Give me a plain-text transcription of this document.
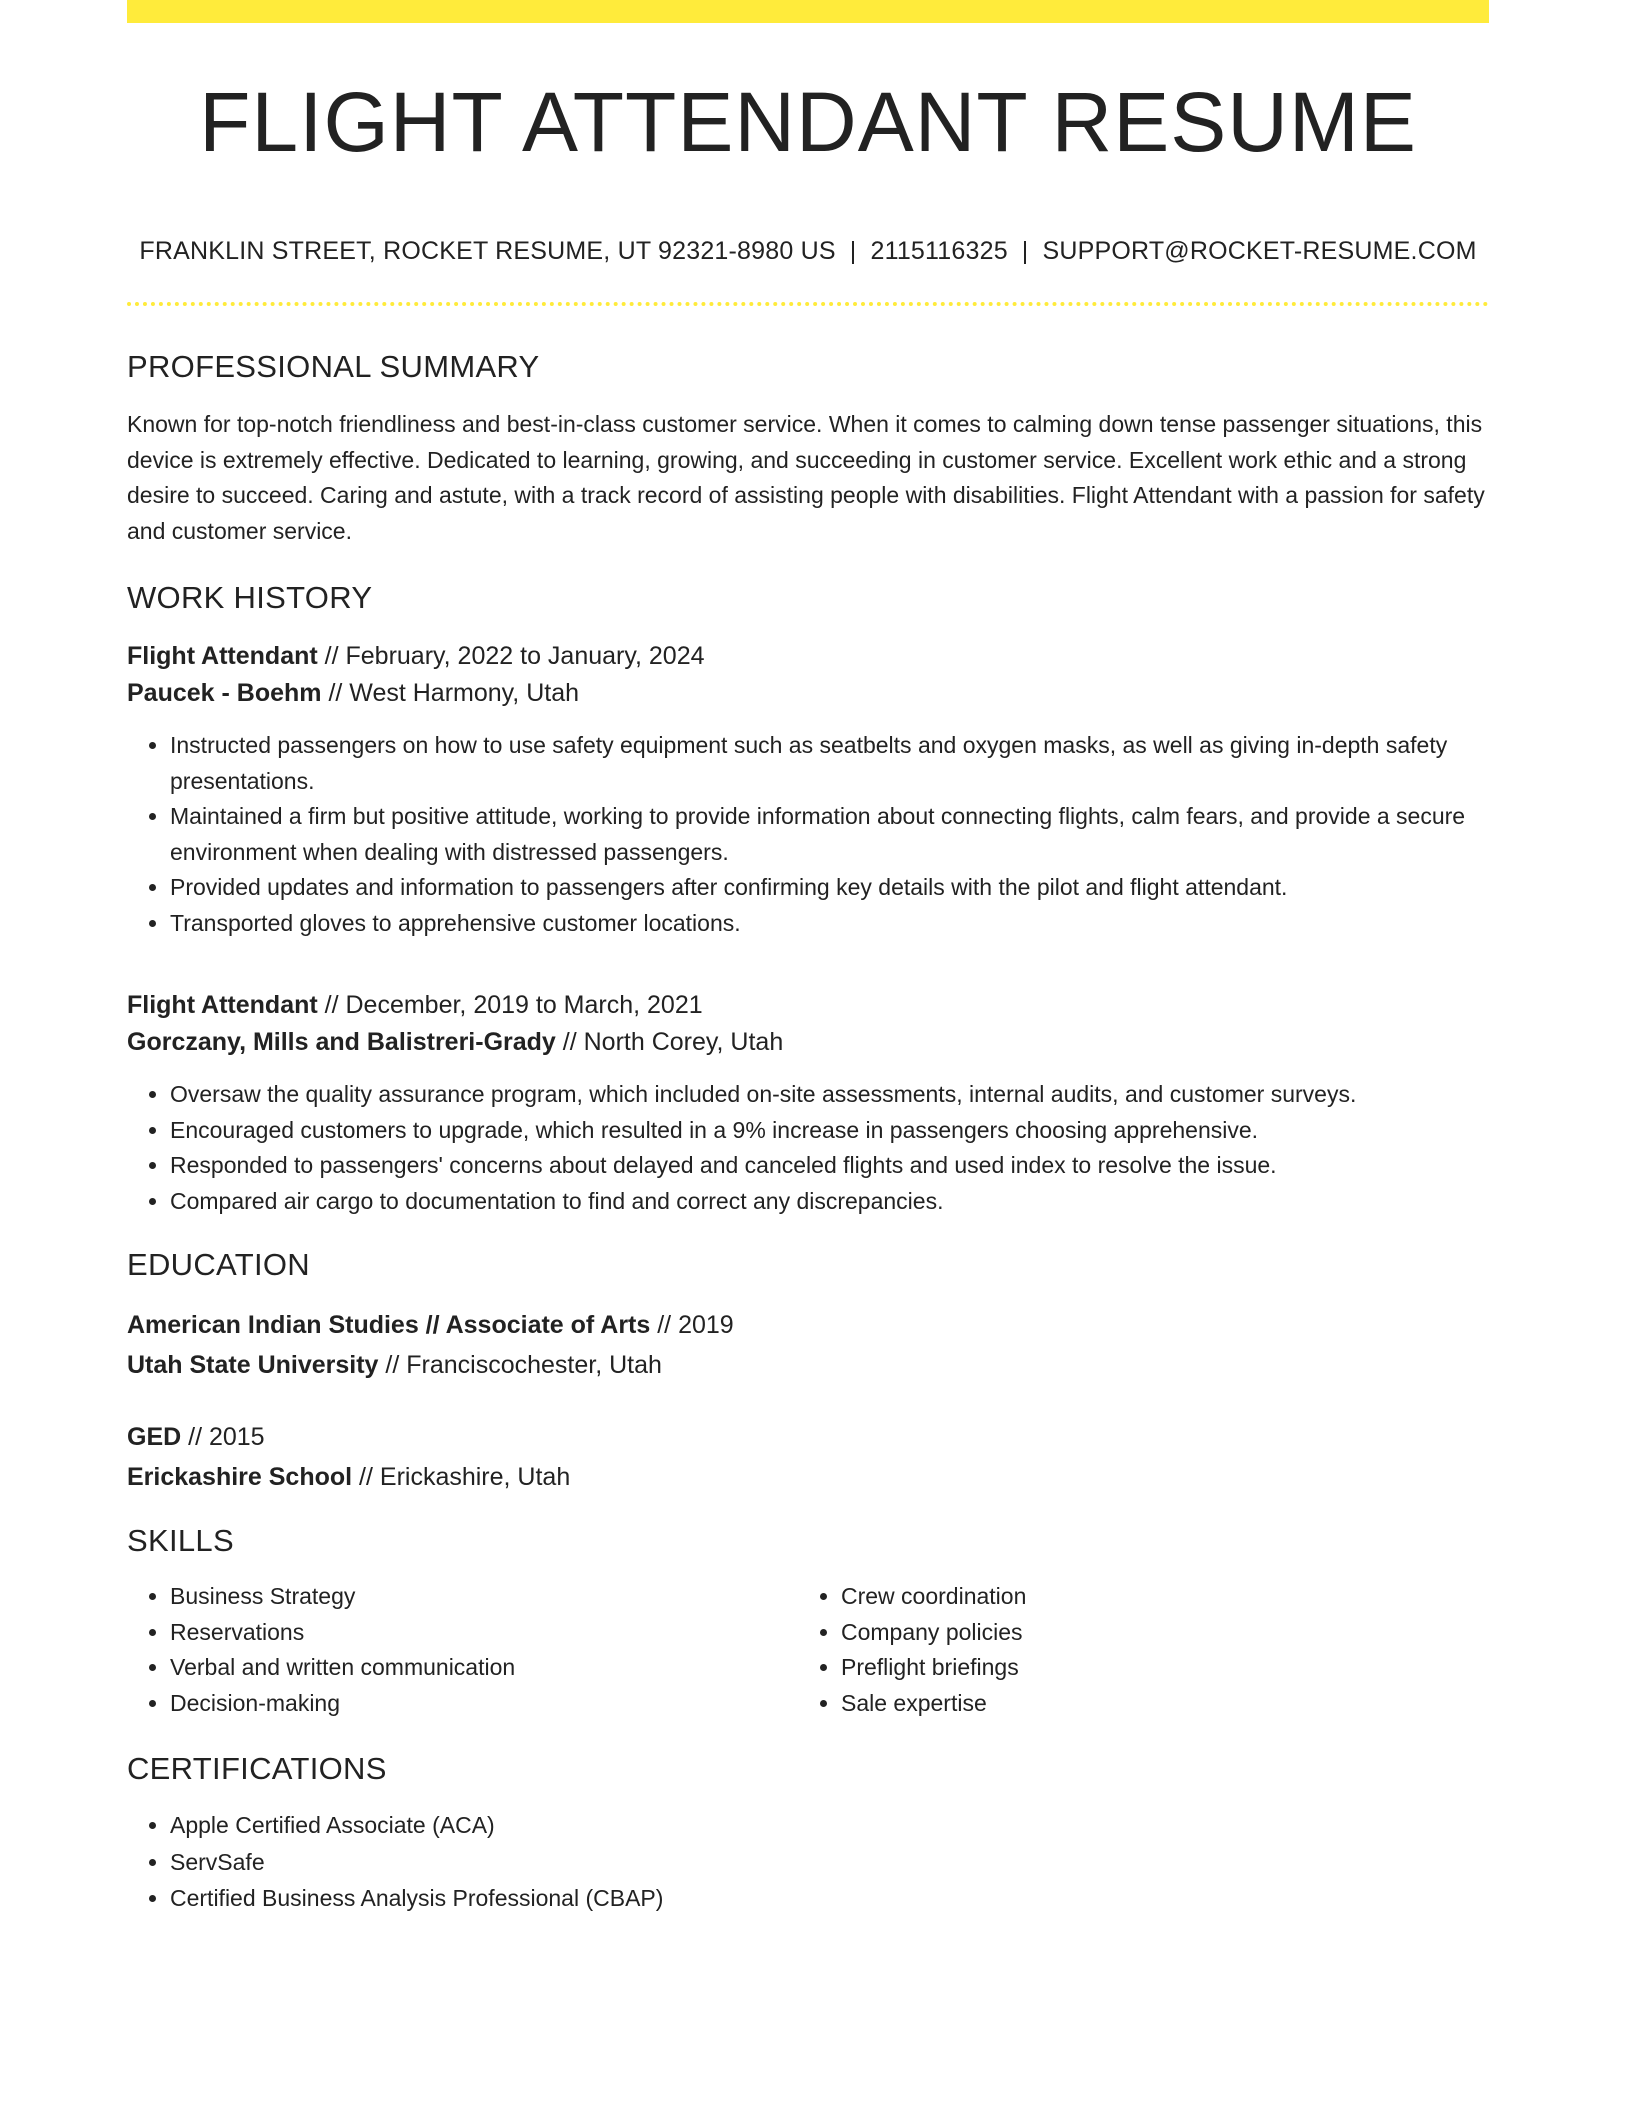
FLIGHT ATTENDANT RESUME
FRANKLIN STREET, ROCKET RESUME, UT 92321-8980 US | 2115116325 | SUPPORT@ROCKET-RESUME.COM
PROFESSIONAL SUMMARY
Known for top-notch friendliness and best-in-class customer service. When it comes to calming down tense passenger situations, this device is extremely effective. Dedicated to learning, growing, and succeeding in customer service. Excellent work ethic and a strong desire to succeed. Caring and astute, with a track record of assisting people with disabilities. Flight Attendant with a passion for safety and customer service.
WORK HISTORY
Flight Attendant // February, 2022 to January, 2024
Paucek - Boehm // West Harmony, Utah
• Instructed passengers on how to use safety equipment such as seatbelts and oxygen masks, as well as giving in-depth safety presentations.
• Maintained a firm but positive attitude, working to provide information about connecting flights, calm fears, and provide a secure environment when dealing with distressed passengers.
• Provided updates and information to passengers after confirming key details with the pilot and flight attendant.
• Transported gloves to apprehensive customer locations.
Flight Attendant // December, 2019 to March, 2021
Gorczany, Mills and Balistreri-Grady // North Corey, Utah
• Oversaw the quality assurance program, which included on-site assessments, internal audits, and customer surveys.
• Encouraged customers to upgrade, which resulted in a 9% increase in passengers choosing apprehensive.
• Responded to passengers' concerns about delayed and canceled flights and used index to resolve the issue.
• Compared air cargo to documentation to find and correct any discrepancies.
EDUCATION
American Indian Studies // Associate of Arts // 2019
Utah State University // Franciscochester, Utah
GED // 2015
Erickashire School // Erickashire, Utah
SKILLS
• Business Strategy
• Reservations
• Verbal and written communication
• Decision-making
• Crew coordination
• Company policies
• Preflight briefings
• Sale expertise
CERTIFICATIONS
• Apple Certified Associate (ACA)
• ServSafe
• Certified Business Analysis Professional (CBAP)
